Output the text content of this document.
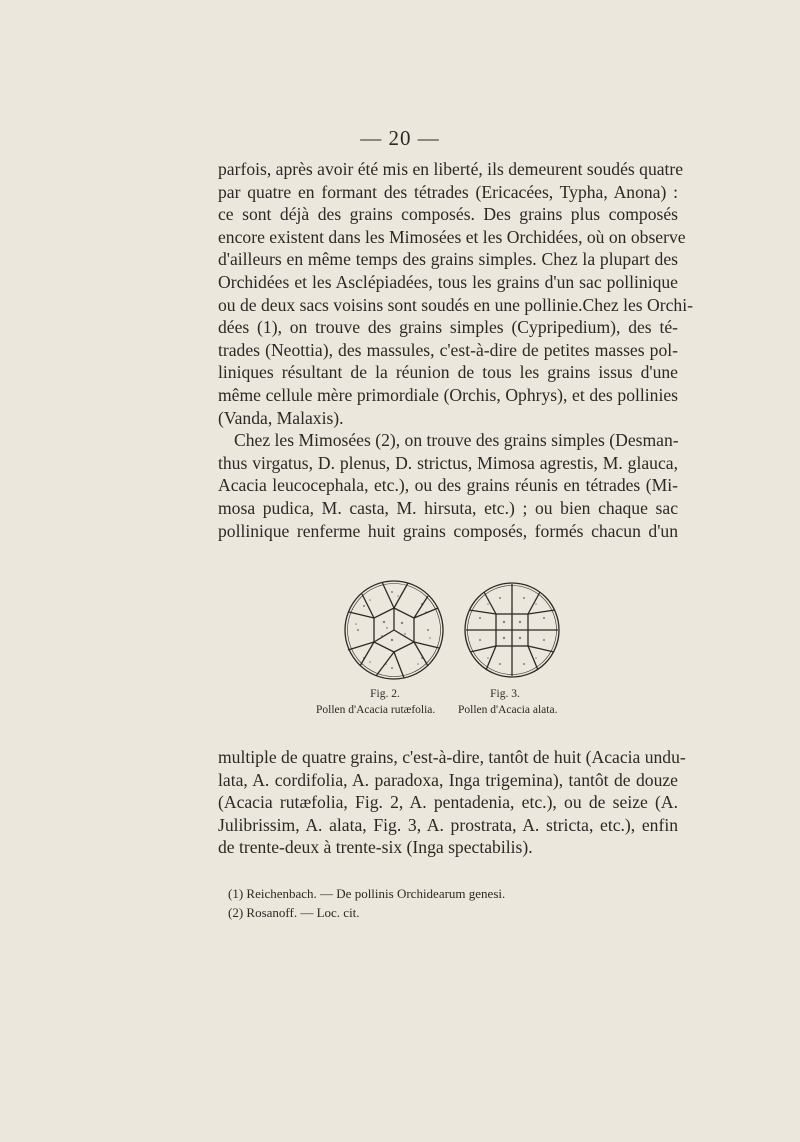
— 20 —
parfois, après avoir été mis en liberté, ils demeurent soudés quatre
par quatre en formant des tétrades (Ericacées, Typha, Anona) :
ce sont déjà des grains composés. Des grains plus composés
encore existent dans les Mimosées et les Orchidées, où on observe
d'ailleurs en même temps des grains simples. Chez la plupart des
Orchidées et les Asclépiadées, tous les grains d'un sac pollinique
ou de deux sacs voisins sont soudés en une pollinie.Chez les Orchi-
dées (1), on trouve des grains simples (Cypripedium), des té-
trades (Neottia), des massules, c'est-à-dire de petites masses pol-
liniques résultant de la réunion de tous les grains issus d'une
même cellule mère primordiale (Orchis, Ophrys), et des pollinies
(Vanda, Malaxis).
Chez les Mimosées (2), on trouve des grains simples (Desman-
thus virgatus, D. plenus, D. strictus, Mimosa agrestis, M. glauca,
Acacia leucocephala, etc.), ou des grains réunis en tétrades (Mi-
mosa pudica, M. casta, M. hirsuta, etc.) ; ou bien chaque sac
pollinique renferme huit grains composés, formés chacun d'un
Fig. 2.	Fig. 3.
Pollen d'Acacia rutæfolia. Pollen d'Acacia alata.
multiple de quatre grains, c'est-à-dire, tantôt de huit (Acacia undu-
lata, A. cordifolia, A. paradoxa, Inga trigemina), tantôt de douze
(Acacia rutæfolia, Fig. 2, A. pentadenia, etc.), ou de seize (A.
Julibrissim, A. alata, Fig. 3, A. prostrata, A. stricta, etc.), enfin
de trente-deux à trente-six (Inga spectabilis).
(1) Reichenbach. — De pollinis Orchidearum genesi.
(2) Rosanoff. — Loc. cit.
